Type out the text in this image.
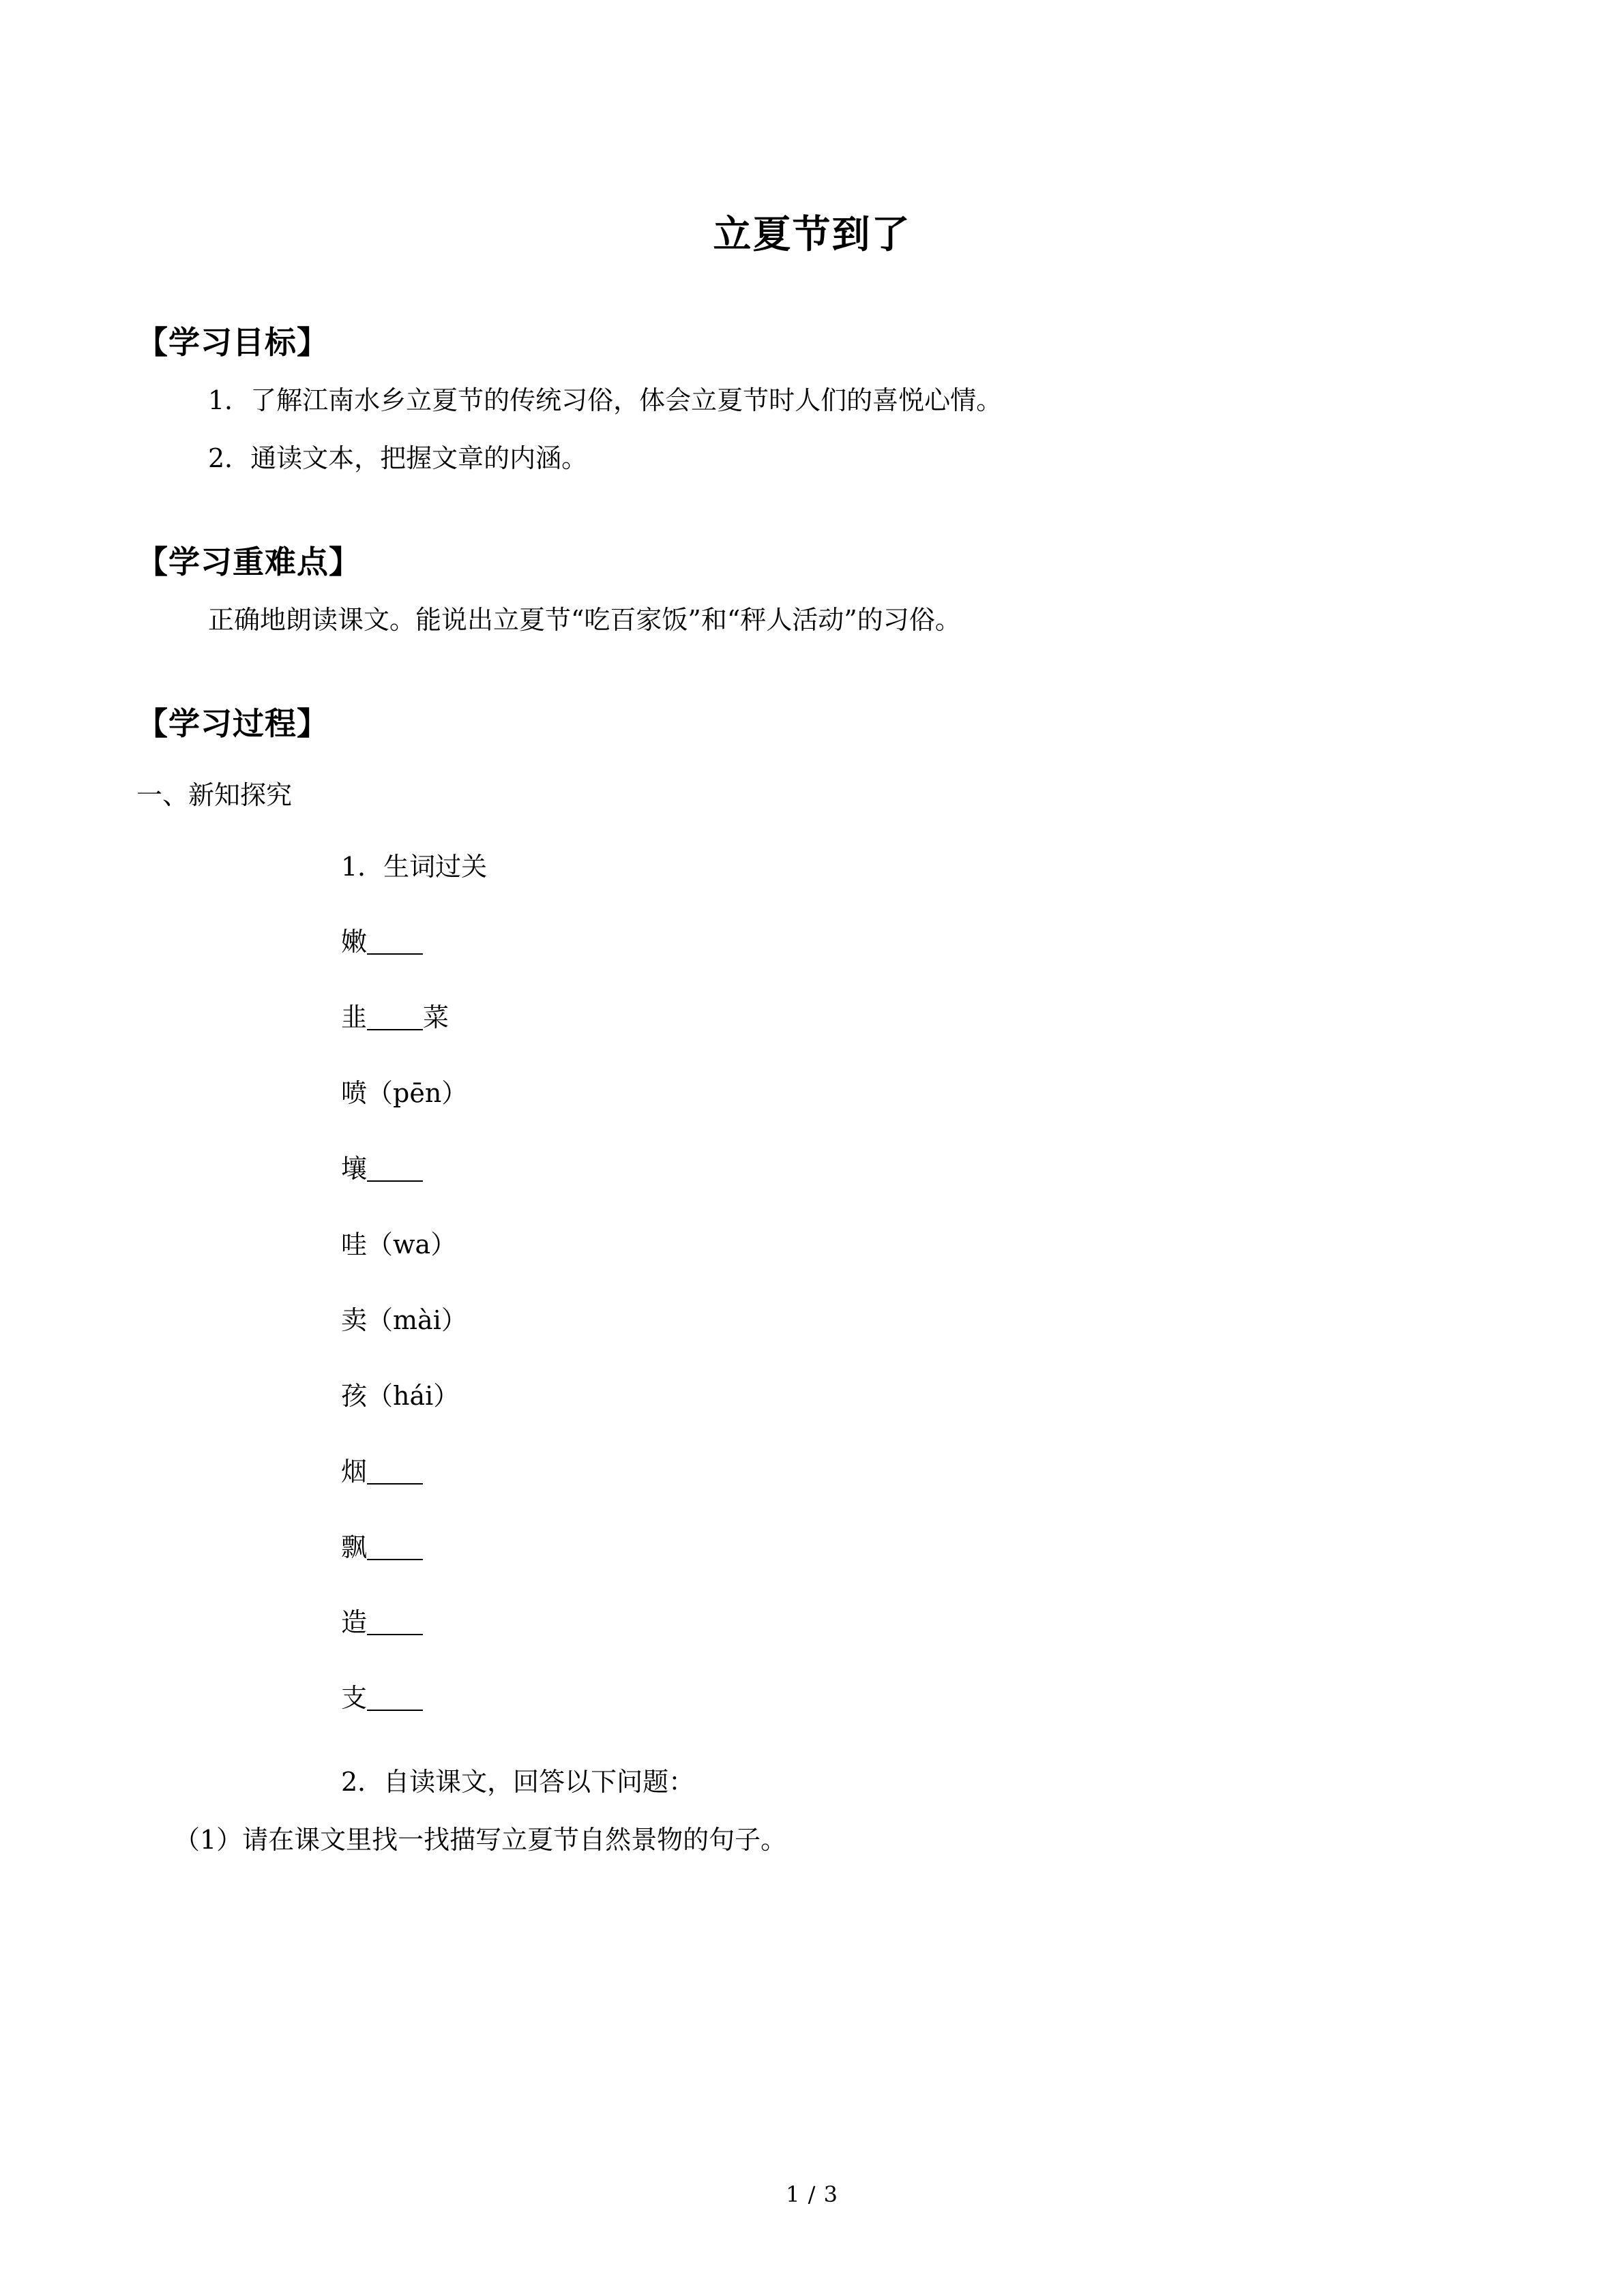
立夏节到了
【学习目标】
1．了解江南水乡立夏节的传统习俗，体会立夏节时人们的喜悦心情。
2．通读文本，把握文章的内涵。
【学习重难点】
正确地朗读课文。能说出立夏节“吃百家饭”和“秤人活动”的习俗。
【学习过程】
一、新知探究
1．生词过关
嫩
韭 菜
喷（pēn）
壤
哇（wa）
卖（mài）
孩（hái）
烟
飘
造
支
2．自读课文，回答以下问题：
（1）请在课文里找一找描写立夏节自然景物的句子。
1 / 3
